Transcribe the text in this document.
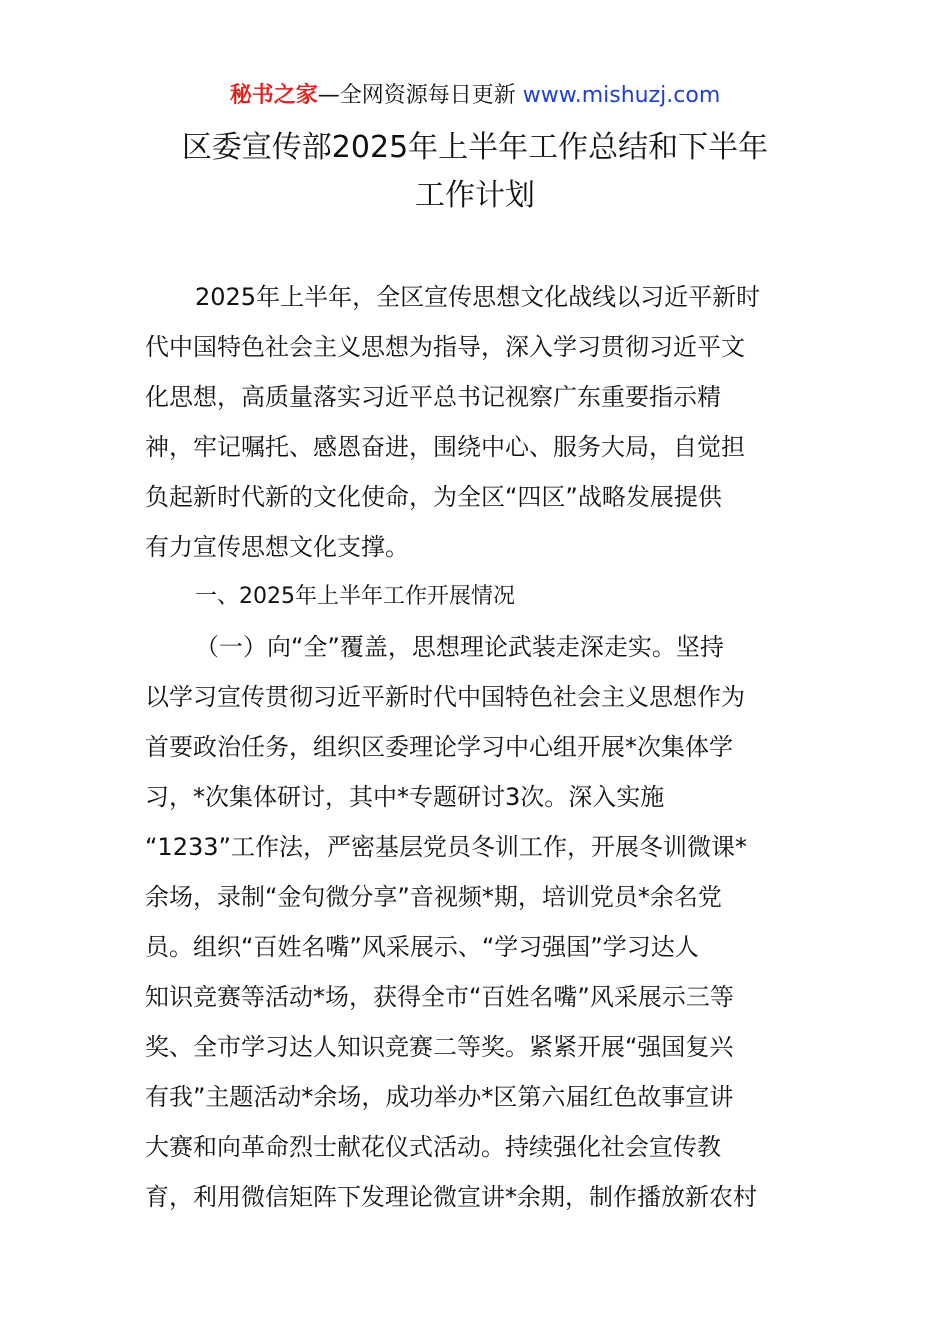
秘书之家—全网资源每日更新 www.mishuzj.com
区委宣传部2025年上半年工作总结和下半年
工作计划
2025年上半年，全区宣传思想文化战线以习近平新时
代中国特色社会主义思想为指导，深入学习贯彻习近平文
化思想，高质量落实习近平总书记视察广东重要指示精
神，牢记嘱托、感恩奋进，围绕中心、服务大局，自觉担
负起新时代新的文化使命，为全区“四区”战略发展提供
有力宣传思想文化支撑。
一、2025年上半年工作开展情况
（一）向“全”覆盖，思想理论武装走深走实。坚持
以学习宣传贯彻习近平新时代中国特色社会主义思想作为
首要政治任务，组织区委理论学习中心组开展*次集体学
习，*次集体研讨，其中*专题研讨3次。深入实施
“1233”工作法，严密基层党员冬训工作，开展冬训微课*
余场，录制“金句微分享”音视频*期，培训党员*余名党
员。组织“百姓名嘴”风采展示、“学习强国”学习达人
知识竞赛等活动*场，获得全市“百姓名嘴”风采展示三等
奖、全市学习达人知识竞赛二等奖。紧紧开展“强国复兴
有我”主题活动*余场，成功举办*区第六届红色故事宣讲
大赛和向革命烈士献花仪式活动。持续强化社会宣传教
育，利用微信矩阵下发理论微宣讲*余期，制作播放新农村
